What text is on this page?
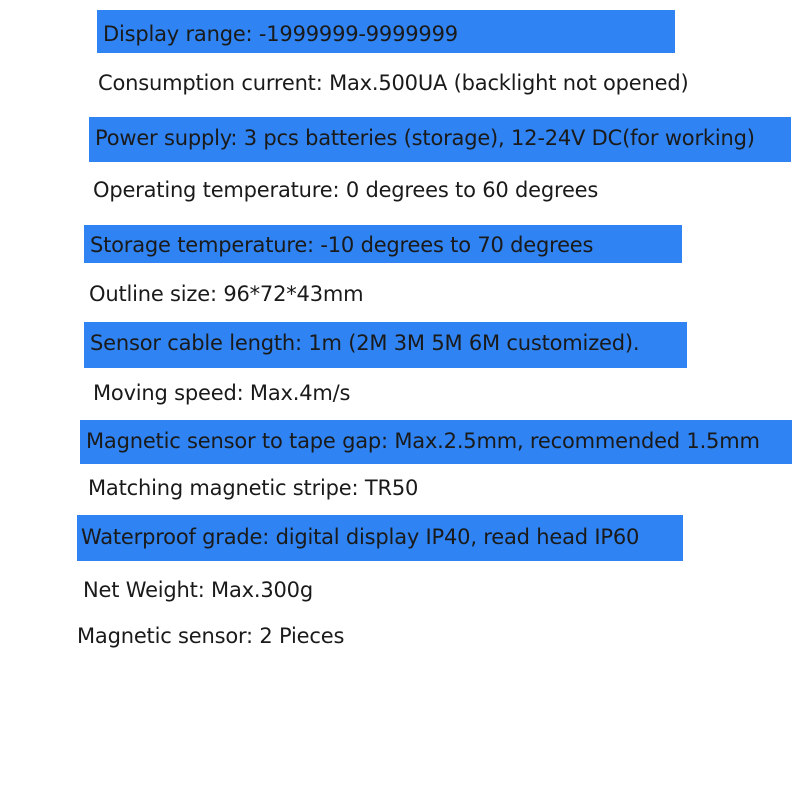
Display range: -1999999-9999999
Consumption current: Max.500UA (backlight not opened)
Power supply: 3 pcs batteries (storage), 12-24V DC(for working)
Operating temperature: 0 degrees to 60 degrees
Storage temperature: -10 degrees to 70 degrees
Outline size: 96*72*43mm
Sensor cable length: 1m (2M 3M 5M 6M customized).
Moving speed: Max.4m/s
Magnetic sensor to tape gap: Max.2.5mm, recommended 1.5mm
Matching magnetic stripe: TR50
Waterproof grade: digital display IP40, read head IP60
Net Weight: Max.300g
Magnetic sensor: 2 Pieces
